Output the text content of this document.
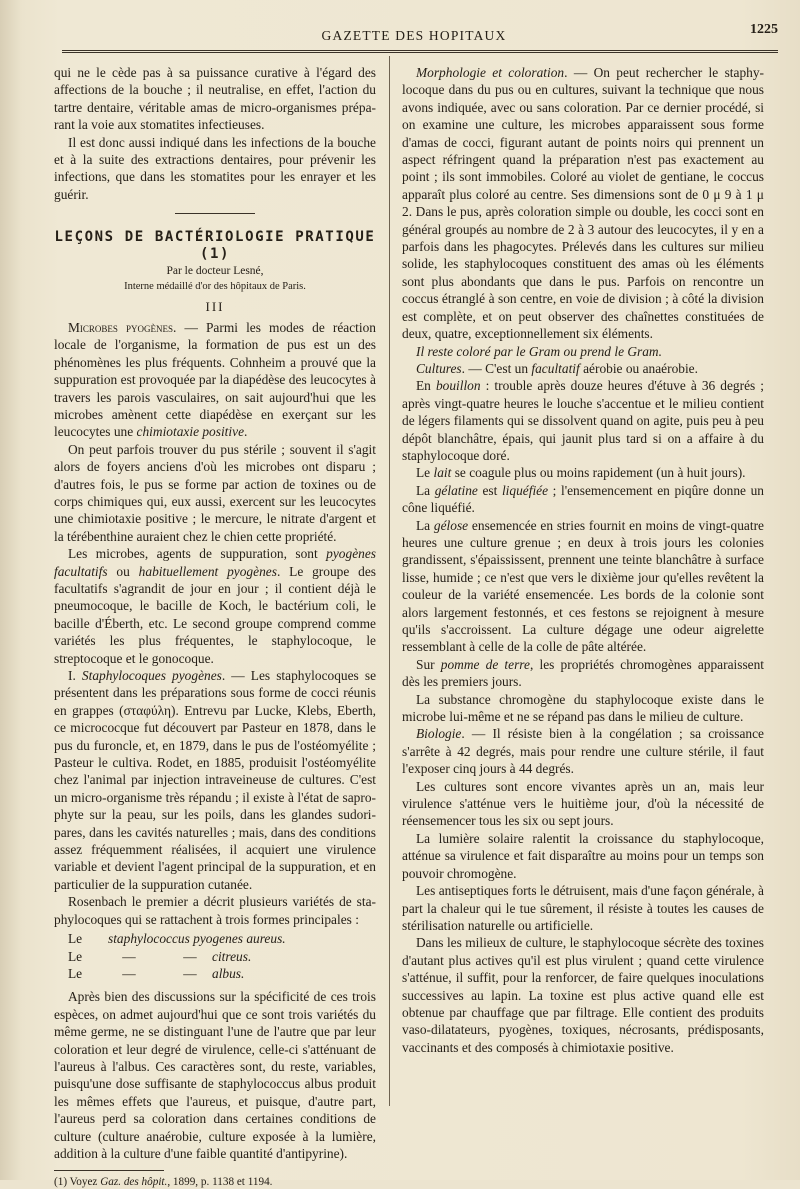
GAZETTE DES HOPITAUX	1225

qui ne le cède pas à sa puissance curative à l'égard des affections de la bouche ; il neutralise, en effet, l'action du tartre dentaire, véritable amas de micro-organismes préparant la voie aux stomatites infectieuses.

Il est donc aussi indiqué dans les infections de la bouche et à la suite des extractions dentaires, pour prévenir les infections, que dans les stomatites pour les enrayer et les guérir.

LEÇONS DE BACTÉRIOLOGIE PRATIQUE (1)
Par le docteur Lesné,
Interne médaillé d'or des hôpitaux de Paris.
III

Microbes pyogènes. — Parmi les modes de réaction locale de l'organisme, la formation de pus est un des phénomènes les plus fréquents. Cohnheim a prouvé que la suppuration est provoquée par la diapédèse des leucocytes à travers les parois vasculaires, on sait aujourd'hui que les microbes amènent cette diapédèse en exerçant sur les leucocytes une chimiotaxie positive.

On peut parfois trouver du pus stérile ; souvent il s'agit alors de foyers anciens d'où les microbes ont disparu ; d'autres fois, le pus se forme par action de toxines ou de corps chimiques qui, eux aussi, exercent sur les leucocytes une chimiotaxie positive ; le mercure, le nitrate d'argent et la térébenthine auraient chez le chien cette propriété.

Les microbes, agents de suppuration, sont pyogènes facultatifs ou habituellement pyogènes. Le groupe des facultatifs s'agrandit de jour en jour ; il contient déjà le pneumocoque, le bacille de Koch, le bactérium coli, le bacille d'Éberth, etc. Le second groupe comprend comme variétés les plus fréquentes, le staphylocoque, le streptocoque et le gonocoque.

I. Staphylocoques pyogènes. — Les staphylocoques se présentent dans les préparations sous forme de cocci réunis en grappes (σταφύλη). Entrevu par Lucke, Klebs, Eberth, ce micrococque fut découvert par Pasteur en 1878, dans le pus du furoncle, et, en 1879, dans le pus de l'ostéomyélite ; Pasteur le cultiva. Rodet, en 1885, produisit l'ostéomyélite chez l'animal par injection intraveineuse de cultures. C'est un micro-organisme très répandu ; il existe à l'état de saprophyte sur la peau, sur les poils, dans les glandes sudoripares, dans les cavités naturelles ; mais, dans des conditions assez fréquemment réalisées, il acquiert une virulence variable et devient l'agent principal de la suppuration, et en particulier de la suppuration cutanée.

Rosenbach le premier a décrit plusieurs variétés de staphylocoques qui se rattachent à trois formes principales :

Le	staphylococcus pyogenes aureus.
Le	—	—	citreus.
Le	—	—	albus.

Après bien des discussions sur la spécificité de ces trois espèces, on admet aujourd'hui que ce sont trois variétés du même germe, ne se distinguant l'une de l'autre que par leur coloration et leur degré de virulence, celle-ci s'atténuant de l'aureus à l'albus. Ces caractères sont, du reste, variables, puisqu'une dose suffisante de staphylococcus albus produit les mêmes effets que l'aureus, et puisque, d'autre part, l'aureus perd sa coloration dans certaines conditions de culture (culture anaérobie, culture exposée à la lumière, addition à la culture d'une faible quantité d'antipyrine).

(1) Voyez Gaz. des hôpit., 1899, p. 1138 et 1194.

Morphologie et coloration. — On peut rechercher le staphylocoque dans du pus ou en cultures, suivant la technique que nous avons indiquée, avec ou sans coloration. Par ce dernier procédé, si on examine une culture, les microbes apparaissent sous forme d'amas de cocci, figurant autant de points noirs qui prennent un aspect réfringent quand la préparation n'est pas exactement au point ; ils sont immobiles. Coloré au violet de gentiane, le coccus apparaît plus coloré au centre. Ses dimensions sont de 0 μ 9 à 1 μ 2. Dans le pus, après coloration simple ou double, les cocci sont en général groupés au nombre de 2 à 3 autour des leucocytes, il y en a parfois dans les phagocytes. Prélevés dans les cultures sur milieu solide, les staphylocoques constituent des amas où les éléments sont plus abondants que dans le pus. Parfois on rencontre un coccus étranglé à son centre, en voie de division ; à côté la division est complète, et on peut observer des chaînettes constituées de deux, quatre, exceptionnellement six éléments.

Il reste coloré par le Gram ou prend le Gram.

Cultures. — C'est un facultatif aérobie ou anaérobie.

En bouillon : trouble après douze heures d'étuve à 36 degrés ; après vingt-quatre heures le louche s'accentue et le milieu contient de légers filaments qui se dissolvent quand on agite, puis peu à peu dépôt blanchâtre, épais, qui jaunit plus tard si on a affaire à du staphylocoque doré.

Le lait se coagule plus ou moins rapidement (un à huit jours).

La gélatine est liquéfiée ; l'ensemencement en piqûre donne un cône liquéfié.

La gélose ensemencée en stries fournit en moins de vingt-quatre heures une culture grenue ; en deux à trois jours les colonies grandissent, s'épaississent, prennent une teinte blanchâtre à surface lisse, humide ; ce n'est que vers le dixième jour qu'elles revêtent la couleur de la variété ensemencée. Les bords de la colonie sont alors largement festonnés, et ces festons se rejoignent à mesure qu'ils s'accroissent. La culture dégage une odeur aigrelette ressemblant à celle de la colle de pâte altérée.

Sur pomme de terre, les propriétés chromogènes apparaissent dès les premiers jours.

La substance chromogène du staphylocoque existe dans le microbe lui-même et ne se répand pas dans le milieu de culture.

Biologie. — Il résiste bien à la congélation ; sa croissance s'arrête à 42 degrés, mais pour rendre une culture stérile, il faut l'exposer cinq jours à 44 degrés.

Les cultures sont encore vivantes après un an, mais leur virulence s'atténue vers le huitième jour, d'où la nécessité de réensemencer tous les six ou sept jours.

La lumière solaire ralentit la croissance du staphylocoque, atténue sa virulence et fait disparaître au moins pour un temps son pouvoir chromogène.

Les antiseptiques forts le détruisent, mais d'une façon générale, à part la chaleur qui le tue sûrement, il résiste à toutes les causes de stérilisation naturelle ou artificielle.

Dans les milieux de culture, le staphylocoque sécrète des toxines d'autant plus actives qu'il est plus virulent ; quand cette virulence s'atténue, il suffit, pour la renforcer, de faire quelques inoculations successives au lapin. La toxine est plus active quand elle est obtenue par chauffage que par filtrage. Elle contient des produits vaso-dilatateurs, pyogènes, toxiques, nécrosants, prédisposants, vaccinants et des composés à chimiotaxie positive.
